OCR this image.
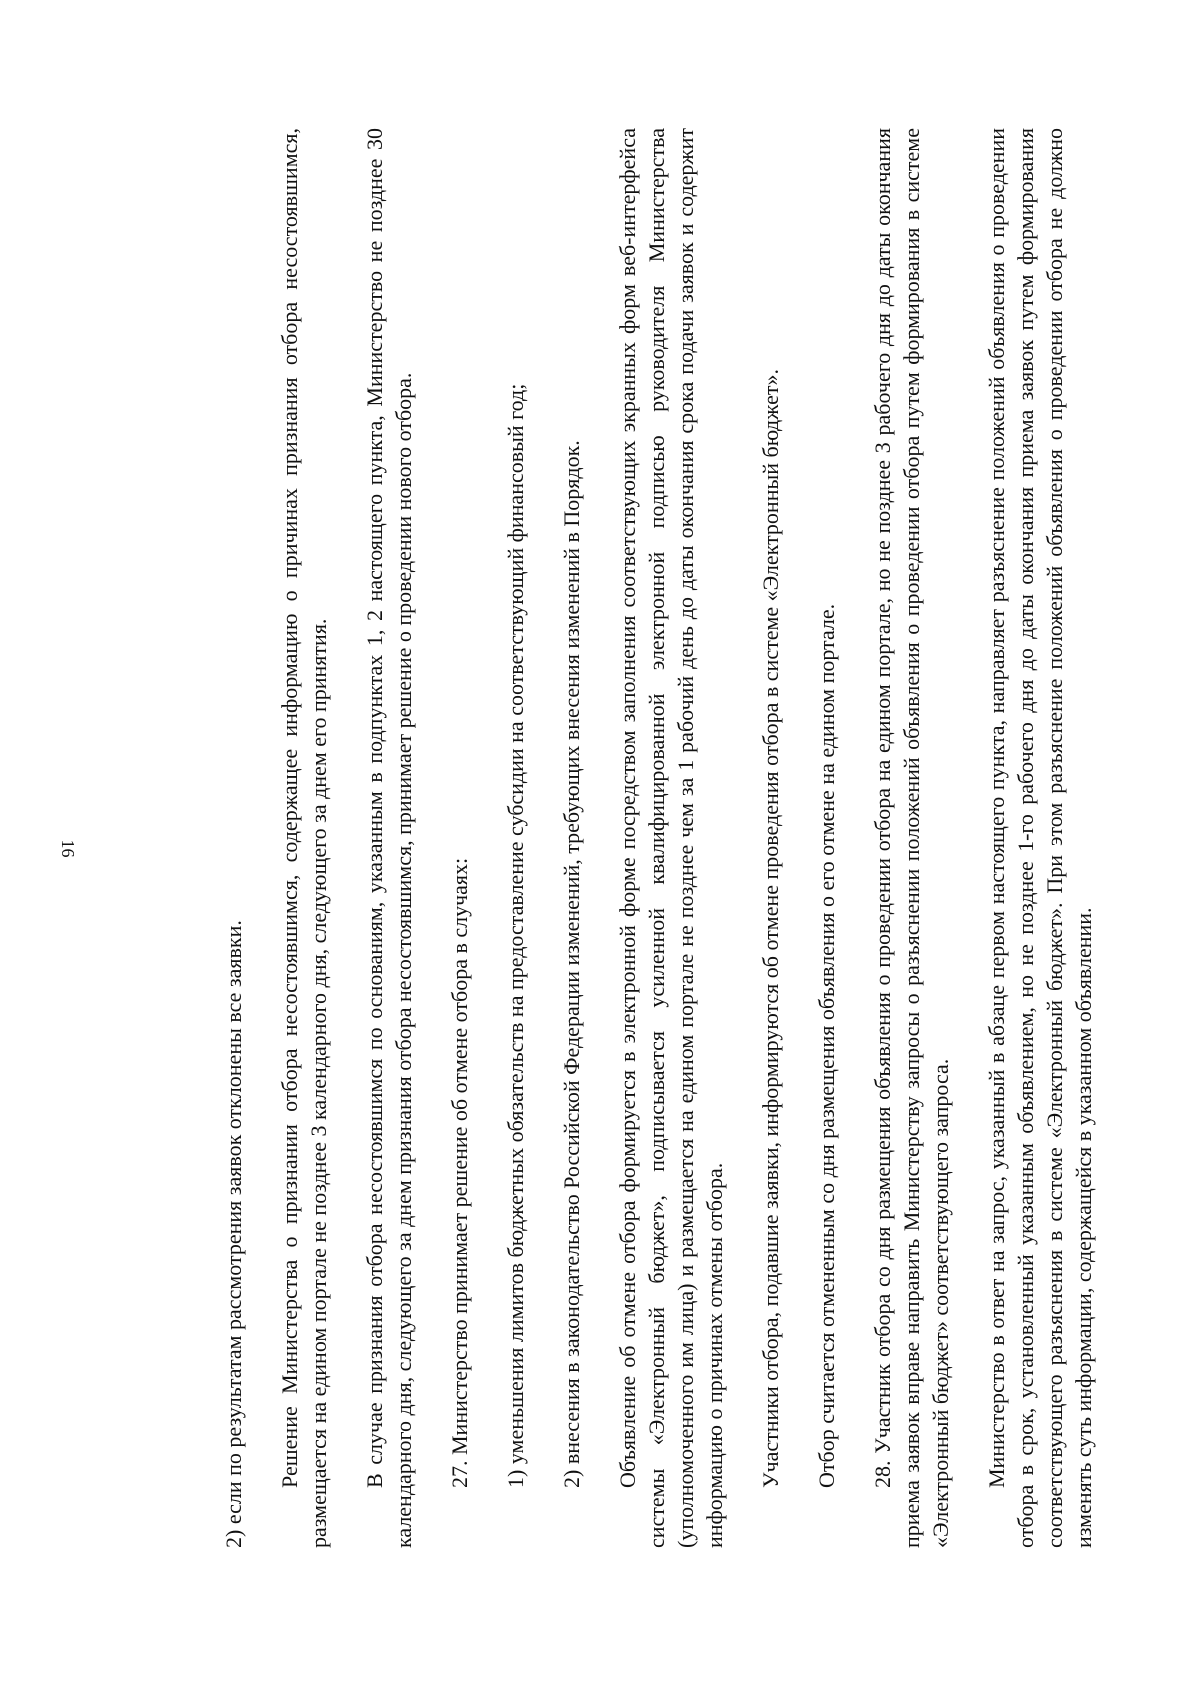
16

2) если по результатам рассмотрения заявок отклонены все заявки. Решение Министерства о признании отбора несостоявшимся, содержащее информацию о причинах признания отбора несостоявшимся, размещается на едином портале не позднее 3 календарного дня, следующего за днем его принятия. В случае признания отбора несостоявшимся по основаниям, указанным в подпунктах 1, 2 настоящего пункта, Министерство не позднее 30 календарного дня, следующего за днем признания отбора несостоявшимся, принимает решение о проведении нового отбора. 27. Министерство принимает решение об отмене отбора в случаях: 1) уменьшения лимитов бюджетных обязательств на предоставление субсидии на соответствующий финансовый год; 2) внесения в законодательство Российской Федерации изменений, требующих внесения изменений в Порядок. Объявление об отмене отбора формируется в электронной форме посредством заполнения соответствующих экранных форм веб-интерфейса системы «Электронный бюджет», подписывается усиленной квалифицированной электронной подписью руководителя Министерства (уполномоченного им лица) и размещается на едином портале не позднее чем за 1 рабочий день до даты окончания срока подачи заявок и содержит информацию о причинах отмены отбора. Участники отбора, подавшие заявки, информируются об отмене проведения отбора в системе «Электронный бюджет». Отбор считается отмененным со дня размещения объявления о его отмене на едином портале. 28. Участник отбора со дня размещения объявления о проведении отбора на едином портале, но не позднее 3 рабочего дня до даты окончания приема заявок вправе направить Министерству запросы о разъяснении положений объявления о проведении отбора путем формирования в системе «Электронный бюджет» соответствующего запроса. Министерство в ответ на запрос, указанный в абзаце первом настоящего пункта, направляет разъяснение положений объявления о проведении отбора в срок, установленный указанным объявлением, но не позднее 1-го рабочего дня до даты окончания приема заявок путем формирования соответствующего разъяснения в системе «Электронный бюджет». При этом разъяснение положений объявления о проведении отбора не должно изменять суть информации, содержащейся в указанном объявлении.
